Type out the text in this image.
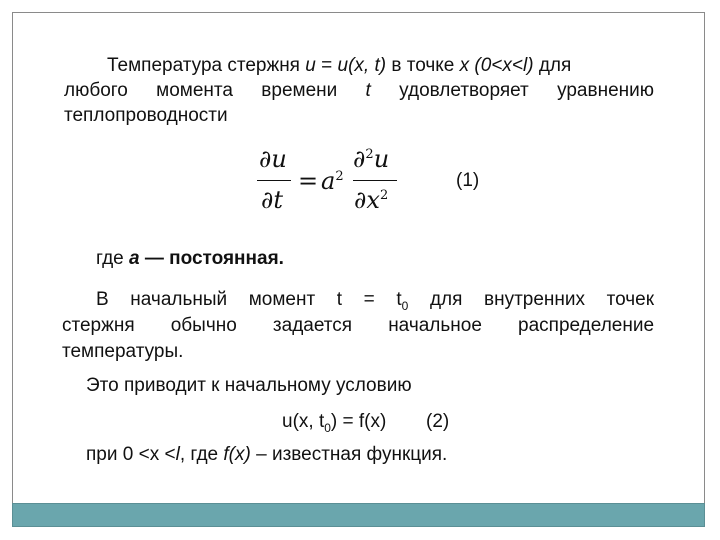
Температура стержня u = u(x, t) в точке x (0<x<l) для
любого момента времени t удовлетворяет уравнению
теплопроводности
∂u
∂t
= $a^2$
∂$^2$u
$\partial x^2$
(1)
где a — постоянная.
В начальный момент $t = t_0$ для внутренних точек
стержня обычно задается начальное распределение
температуры.
Это приводит к начальному условию
u(x, $t_0) = f(x)$ (2)
при 0 <x <l, где f(x) – известная функция.
